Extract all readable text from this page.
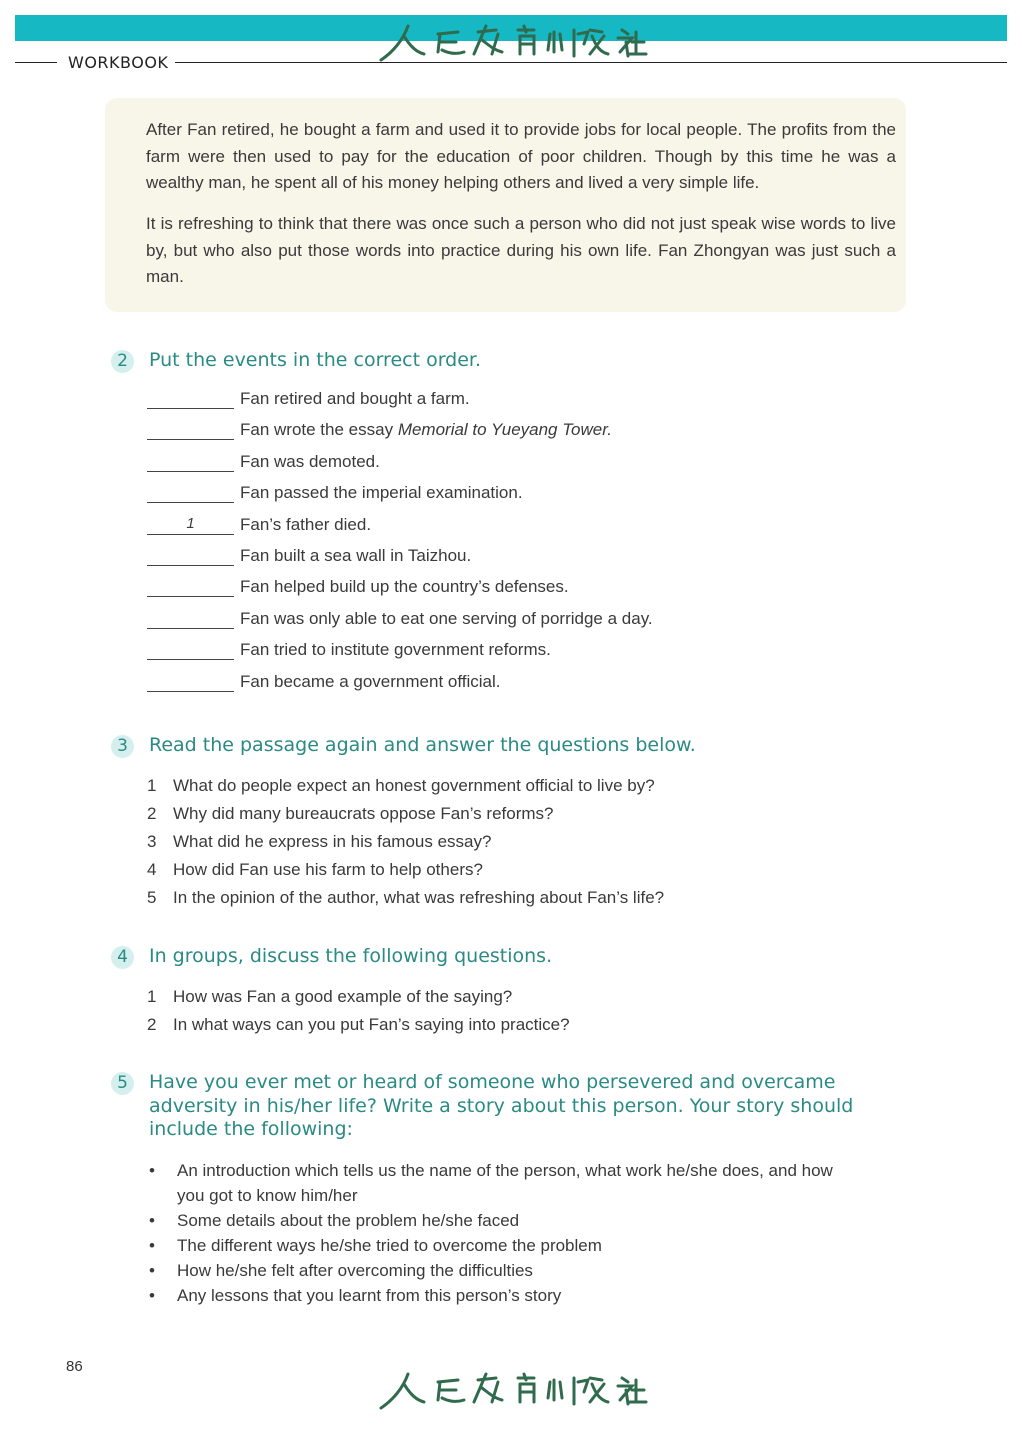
WORKBOOK

After Fan retired, he bought a farm and used it to provide jobs for local people. The profits from the farm were then used to pay for the education of poor children. Though by this time he was a wealthy man, he spent all of his money helping others and lived a very simple life.

It is refreshing to think that there was once such a person who did not just speak wise words to live by, but who also put those words into practice during his own life. Fan Zhongyan was just such a man.

2	Put the events in the correct order.
Fan retired and bought a farm.
Fan wrote the essay Memorial to Yueyang Tower.
Fan was demoted.
Fan passed the imperial examination.
1	Fan’s father died.
Fan built a sea wall in Taizhou.
Fan helped build up the country’s defenses.
Fan was only able to eat one serving of porridge a day.
Fan tried to institute government reforms.
Fan became a government official.
3	Read the passage again and answer the questions below.
1 What do people expect an honest government official to live by?
2 Why did many bureaucrats oppose Fan’s reforms?
3 What did he express in his famous essay?
4 How did Fan use his farm to help others?
5 In the opinion of the author, what was refreshing about Fan’s life?
4	In groups, discuss the following questions.
1 How was Fan a good example of the saying?
2 In what ways can you put Fan’s saying into practice?
5	Have you ever met or heard of someone who persevered and overcame adversity in his/her life? Write a story about this person. Your story should include the following:
• An introduction which tells us the name of the person, what work he/she does, and how you got to know him/her
• Some details about the problem he/she faced
• The different ways he/she tried to overcome the problem
• How he/she felt after overcoming the difficulties
• Any lessons that you learnt from this person’s story
86
